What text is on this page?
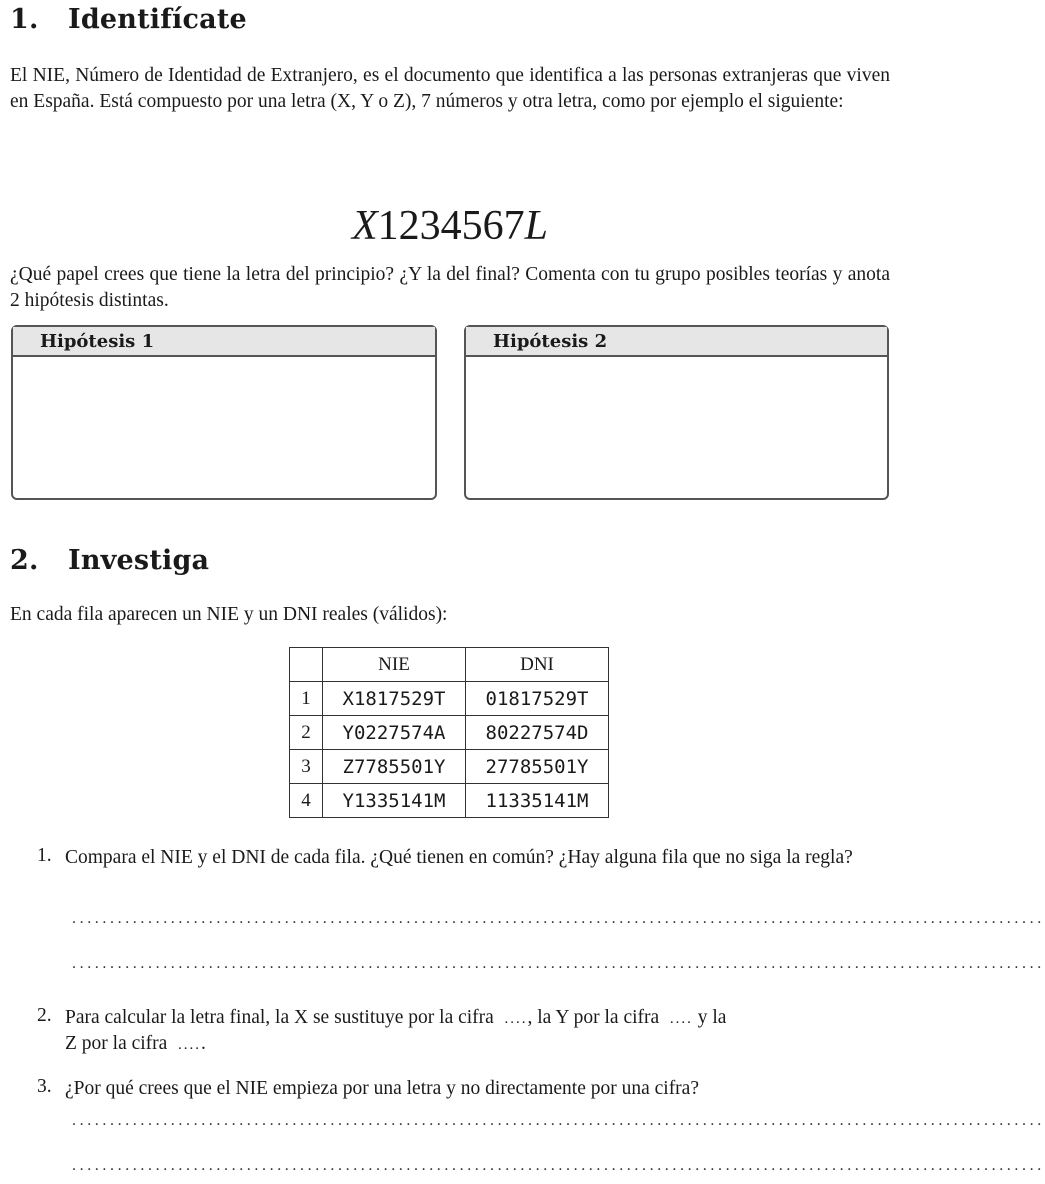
1. Identifícate
El NIE, Número de Identidad de Extranjero, es el documento que identifica a las personas extranjeras que viven en España. Está compuesto por una letra (X, Y o Z), 7 números y otra letra, como por ejemplo el siguiente:
X1234567L
¿Qué papel crees que tiene la letra del principio? ¿Y la del final? Comenta con tu grupo posibles teorías y anota 2 hipótesis distintas.
Hipótesis 1	Hipótesis 2
2. Investiga
En cada fila aparecen un NIE y un DNI reales (válidos):
	NIE	DNI
1	X1817529T	01817529T
2	Y0227574A	80227574D
3	Z7785501Y	27785501Y
4	Y1335141M	11335141M
1. Compara el NIE y el DNI de cada fila. ¿Qué tienen en común? ¿Hay alguna fila que no siga la regla?
................................................................................................................................
................................................................................................................................
2. Para calcular la letra final, la X se sustituye por la cifra  ...., la Y por la cifra  .... y la
Z por la cifra  .....
3. ¿Por qué crees que el NIE empieza por una letra y no directamente por una cifra?
................................................................................................................................
................................................................................................................................
